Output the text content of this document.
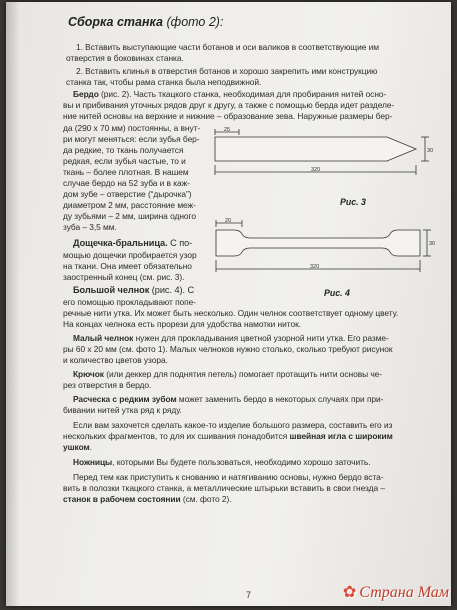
Сборка станка (фото 2):
1. Вставить выступающие части ботанов и оси валиков в соответствующие им
отверстия в боковинах станка.
2. Вставить клинья в отверстия ботанов и хорошо закрепить ими конструкцию
станка так, чтобы рама станка была неподвижной.
Бердо (рис. 2). Часть ткацкого станка, необходимая для пробирания нитей осно-
вы и прибивания уточных рядов друг к другу, а также с помощью берда идет разделе-
ние нитей основы на верхние и нижние – образование зева. Наружные размеры бер-
да (290 х 70 мм) постоянны, а внут-
ри могут меняться: если зубья бер-
да редкие, то ткань получается
редкая, если зубья частые, то и
ткань – более плотная. В нашем
случае бердо на 52 зуба и в каж-
дом зубе – отверстие (“дырочка”)
диаметром 2 мм, расстояние меж-
ду зубьями – 2 мм, ширина одного
зуба – 3,5 мм.
Дощечка-бральница. С по-
мощью дощечки пробирается узор
на ткани. Она имеет обязательно
заостренный конец (см. рис. 3).
Большой челнок (рис. 4). С
его помощью прокладывают попе-
речные нити утка. Их может быть несколько. Один челнок соответствует одному цвету.
На концах челнока есть прорези для удобства намотки ниток.
Малый челнок нужен для прокладывания цветной узорной нити утка. Его разме-
ры 60 х 20 мм (см. фото 1). Малых челноков нужно столько, сколько требуют рисунок
и количество цветов узора.
Крючок (или деккер для поднятия петель) помогает протащить нити основы че-
рез отверстия в бердо.
Расческа с редким зубом может заменить бердо в некоторых случаях при при-
бивании нитей утка ряд к ряду.
Если вам захочется сделать какое-то изделие большого размера, составить его из
нескольких фрагментов, то для их сшивания понадобится швейная игла с широким
ушком.
Ножницы, которыми Вы будете пользоваться, необходимо хорошо заточить.
Перед тем как приступить к снованию и натягиванию основы, нужно бердо вста-
вить в полозки ткацкого станка, а металлические штырьки вставить в свои гнезда –
станок в рабочем состоянии (см. фото 2).
25
30
320
Рис. 3
20
30
320
Рис. 4
7	✿ Страна Мам
